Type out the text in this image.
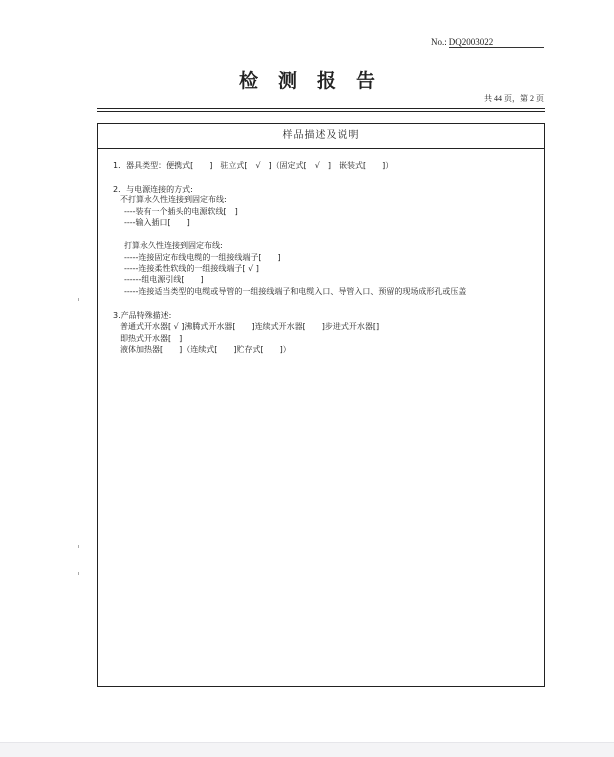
No.: DQ2003022
检测报告
共 44 页，第 2 页
样品描述及说明
1．器具类型：便携式[　　]　驻立式[　√　]（固定式[　√　]　嵌装式[　　]）
2．与电源连接的方式:
不打算永久性连接到固定布线:
----装有一个插头的电源软线[　]
----输入插口[　　]
打算永久性连接到固定布线:
-----连接固定布线电缆的一组接线端子[　　]
-----连接柔性软线的一组接线端子[ √ ]
------组电源引线[　　]
-----连接适当类型的电缆或导管的一组接线端子和电缆入口、导管入口、预留的现场成形孔或压盖
3.产品特殊描述:
普通式开水器[ √ ]沸腾式开水器[　　]连续式开水器[　　]步进式开水器[]
即热式开水器[　]
液体加热器[　　]（连续式[　　]贮存式[　　]）
